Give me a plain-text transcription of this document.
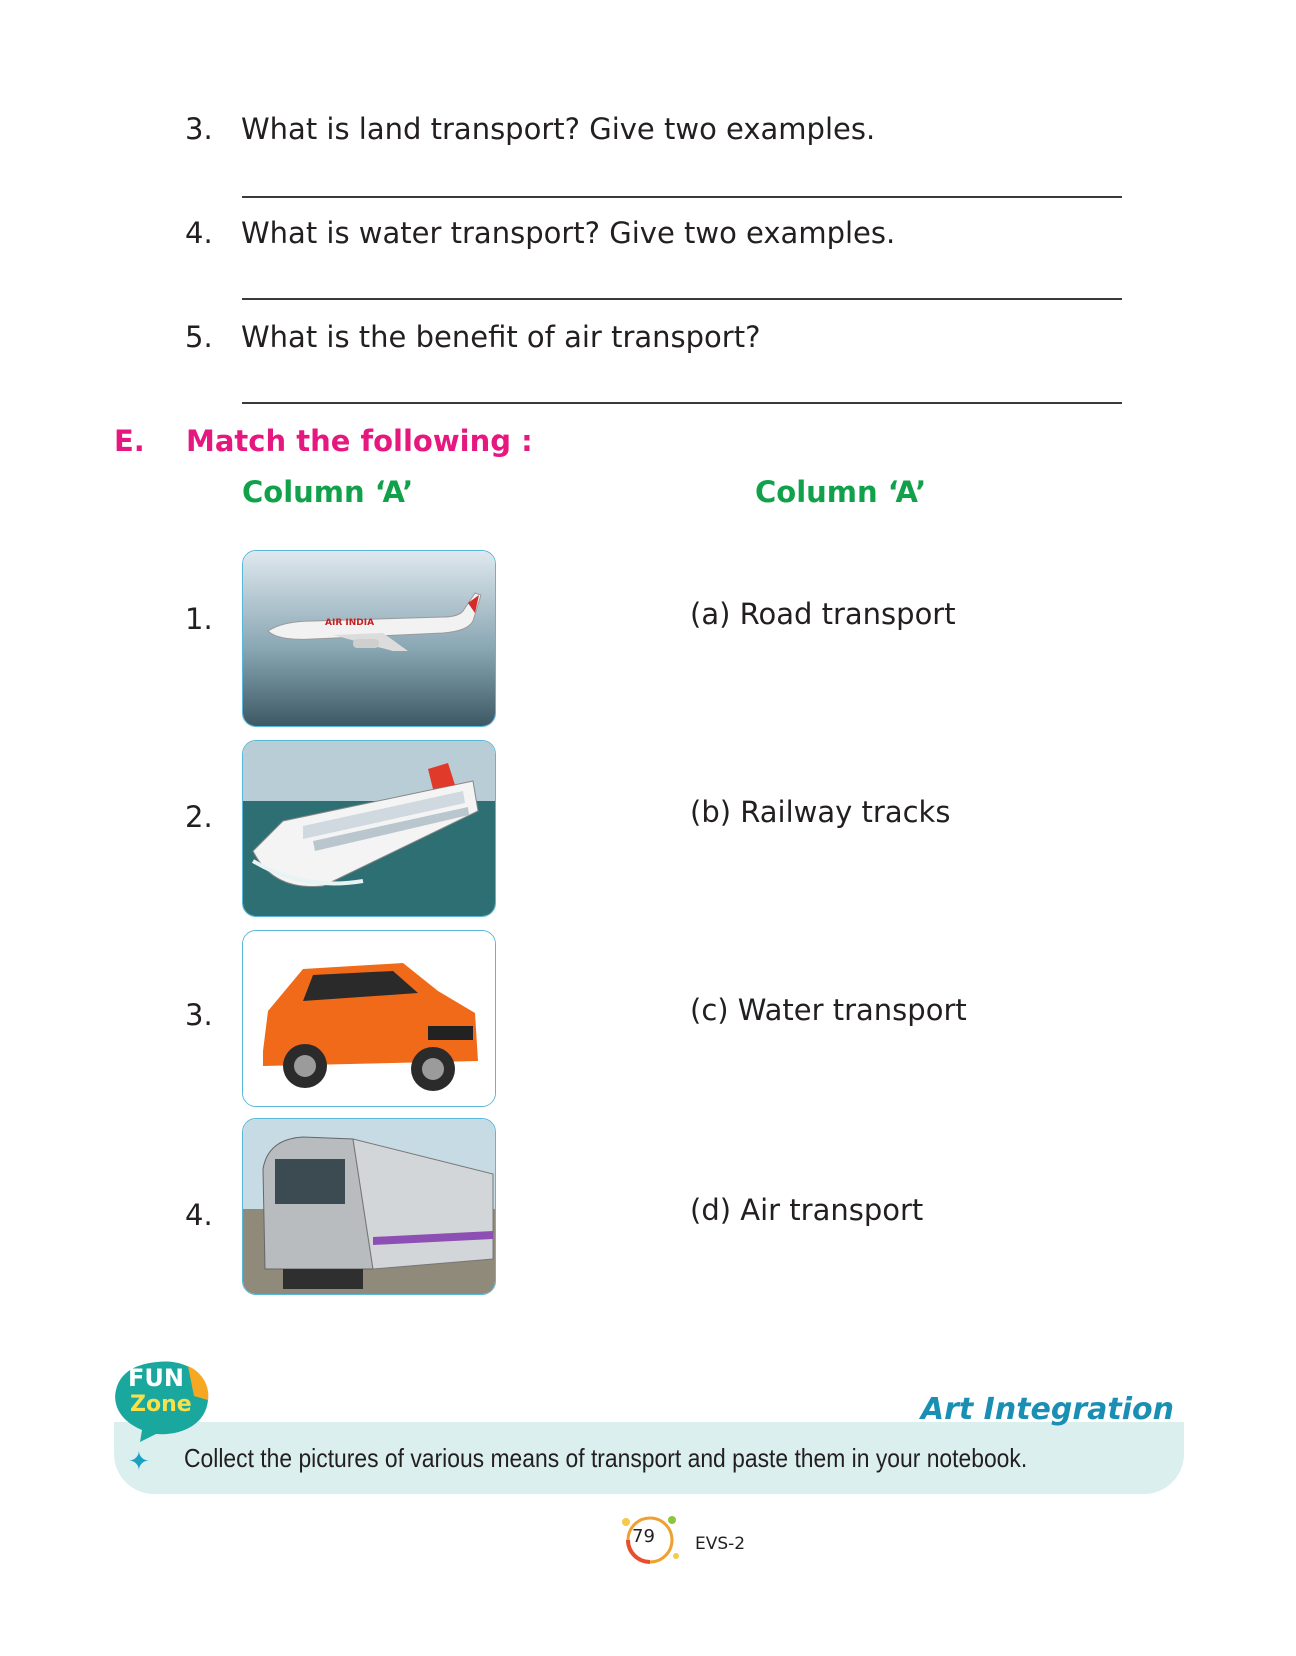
3. What is land transport? Give two examples.
4. What is water transport? Give two examples.
5. What is the benefit of air transport?
E. Match the following :
Column ‘A’	Column ‘A’
1.	AIR INDIA	(a) Road transport
2.	(b) Railway tracks
3.	(c) Water transport
4.	(d) Air transport
FUN
Zone	Art Integration
✦ Collect the pictures of various means of transport and paste them in your notebook.
79 EVS-2
